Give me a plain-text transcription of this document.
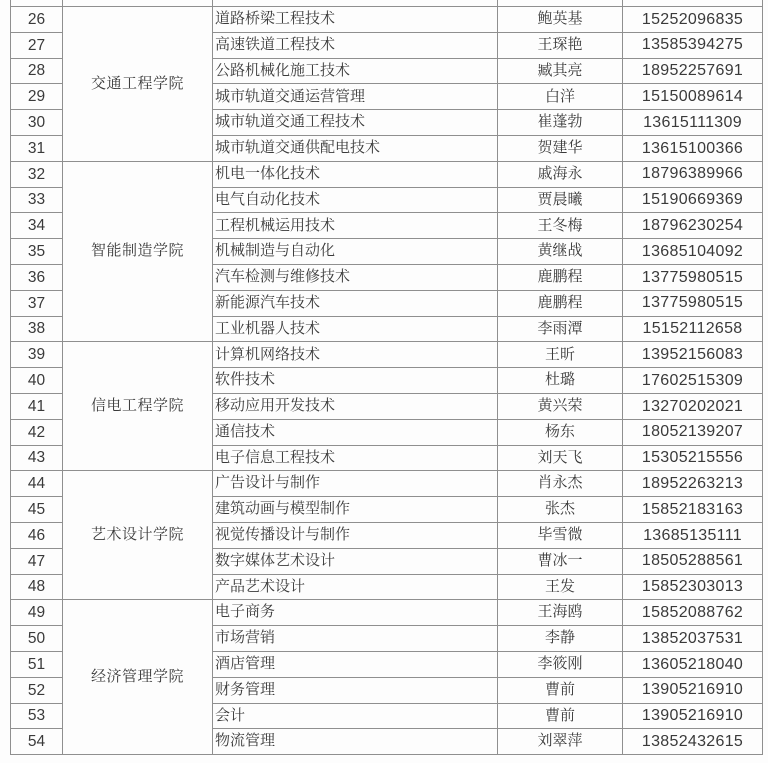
26	交通工程学院	道路桥梁工程技术	鲍英基	15252096835
27		高速铁道工程技术	王琛艳	13585394275
28		公路机械化施工技术	臧其亮	18952257691
29		城市轨道交通运营管理	白洋	15150089614
30		城市轨道交通工程技术	崔蓬勃	13615111309
31		城市轨道交通供配电技术	贺建华	13615100366
32	智能制造学院	机电一体化技术	戚海永	18796389966
33		电气自动化技术	贾晨曦	15190669369
34		工程机械运用技术	王冬梅	18796230254
35		机械制造与自动化	黄继战	13685104092
36		汽车检测与维修技术	鹿鹏程	13775980515
37		新能源汽车技术	鹿鹏程	13775980515
38		工业机器人技术	李雨潭	15152112658
39	信电工程学院	计算机网络技术	王昕	13952156083
40		软件技术	杜璐	17602515309
41		移动应用开发技术	黄兴荣	13270202021
42		通信技术	杨东	18052139207
43		电子信息工程技术	刘天飞	15305215556
44	艺术设计学院	广告设计与制作	肖永杰	18952263213
45		建筑动画与模型制作	张杰	15852183163
46		视觉传播设计与制作	毕雪微	13685135111
47		数字媒体艺术设计	曹冰一	18505288561
48		产品艺术设计	王发	15852303013
49	经济管理学院	电子商务	王海鸥	15852088762
50		市场营销	李静	13852037531
51		酒店管理	李筱刚	13605218040
52		财务管理	曹前	13905216910
53		会计	曹前	13905216910
54		物流管理	刘翠萍	13852432615
